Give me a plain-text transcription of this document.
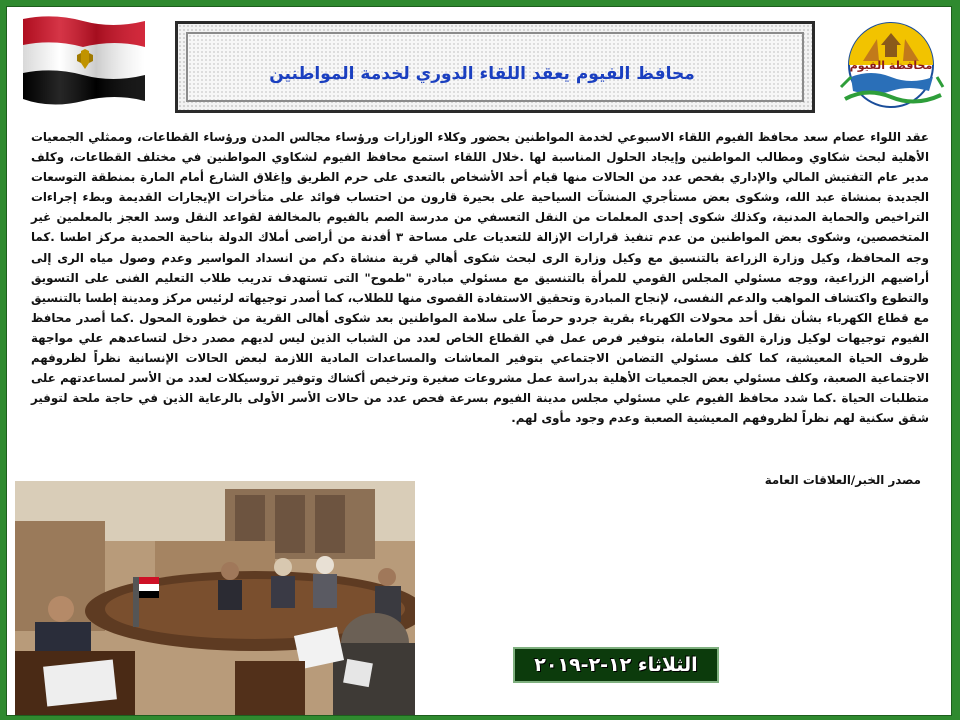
محافظ الفيوم يعقد اللقاء الدوري لخدمة المواطنين	محافظة الفيوم

عقد اللواء عصام سعد محافظ الفيوم اللقاء الاسبوعي لخدمة المواطنين بحضور وكلاء الوزارات ورؤساء مجالس المدن ورؤساء القطاعات، وممثلي الجمعيات الأهلية لبحث شكاوي ومطالب المواطنين وإيجاد الحلول المناسبة لها .خلال اللقاء استمع محافظ الفيوم لشكاوي المواطنين في مختلف القطاعات، وكلف مدير عام التفتيش المالي والإداري بفحص عدد من الحالات منها قيام أحد الأشخاص بالتعدى على حرم الطريق وإغلاق الشارع أمام المارة بمنطقة التوسعات الجديدة بمنشاة عبد الله، وشكوى بعض مستأجري المنشآت السياحية على بحيرة قارون من احتساب فوائد على متأخرات الإيجارات القديمة وبطء إجراءات التراخيص والحماية المدنية، وكذلك شكوى إحدى المعلمات من النقل التعسفي من مدرسة الصم بالفيوم بالمخالفة لقواعد النقل وسد العجز بالمعلمين غير المتخصصين، وشكوى بعض المواطنين من عدم تنفيذ قرارات الإزالة للتعديات على مساحة ٣ أفدنة من أراضى أملاك الدولة بناحية الحمدية مركز اطسا .كما وجه المحافظ، وكيل وزارة الزراعة بالتنسيق مع وكيل وزارة الرى لبحث شكوى أهالي قرية منشاة دكم من انسداد المواسير وعدم وصول مياه الرى إلى أراضيهم الزراعية، ووجه مسئولي المجلس القومي للمرأة بالتنسيق مع مسئولي مبادرة "طموح" التى تستهدف تدريب طلاب التعليم الفنى على التسويق والتطوع واكتشاف المواهب والدعم النفسى، لإنجاح المبادرة وتحقيق الاستفادة القصوى منها للطلاب، كما أصدر توجيهاته لرئيس مركز ومدينة إطسا بالتنسيق مع قطاع الكهرباء بشأن نقل أحد محولات الكهرباء بقرية جردو حرصاً على سلامة المواطنين بعد شكوى أهالى القرية من خطورة المحول .كما أصدر محافظ الفيوم توجيهات لوكيل وزارة القوى العاملة، بتوفير فرص عمل في القطاع الخاص لعدد من الشباب الذين ليس لديهم مصدر دخل لتساعدهم علي مواجهة ظروف الحياة المعيشية، كما كلف مسئولي التضامن الاجتماعي بتوفير المعاشات والمساعدات المادية اللازمة لبعض الحالات الإنسانية نظراً لظروفهم الاجتماعية الصعبة، وكلف مسئولي بعض الجمعيات الأهلية بدراسة عمل مشروعات صغيرة وترخيص أكشاك وتوفير تروسيكلات لعدد من الأسر لمساعدتهم على متطلبات الحياة .كما شدد محافظ الفيوم علي مسئولي مجلس مدينة الفيوم بسرعة فحص عدد من حالات الأسر الأولى بالرعاية الذين في حاجة ملحة لتوفير شقق سكنية لهم نظراً لظروفهم المعيشية الصعبة وعدم وجود مأوى لهم.

مصدر الخبر/العلاقات العامة
الثلاثاء ١٢-٢-٢٠١٩
